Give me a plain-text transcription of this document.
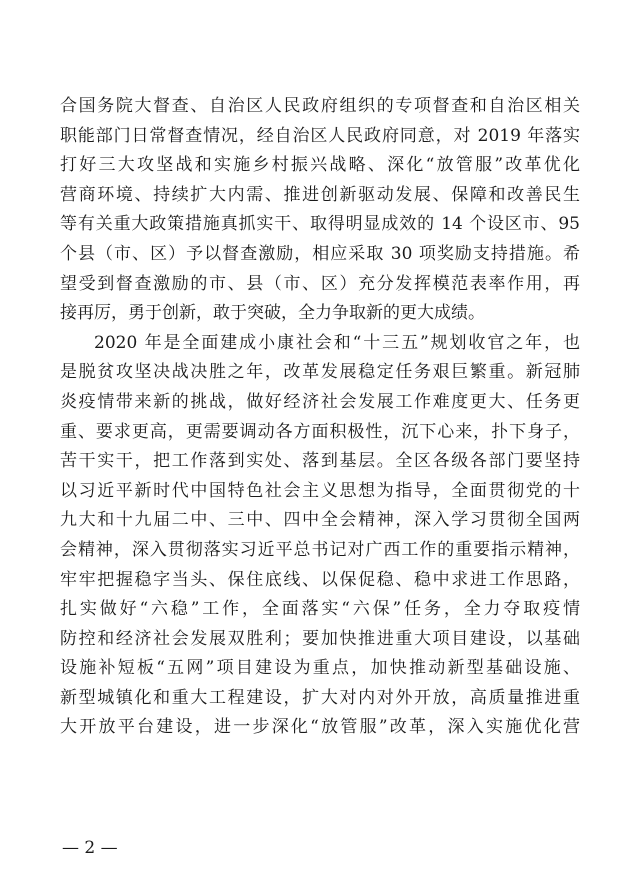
合国务院大督查、自治区人民政府组织的专项督查和自治区相关
职能部门日常督查情况，经自治区人民政府同意，对 2019 年落实
打好三大攻坚战和实施乡村振兴战略、深化“放管服”改革优化
营商环境、持续扩大内需、推进创新驱动发展、保障和改善民生
等有关重大政策措施真抓实干、取得明显成效的 14 个设区市、95
个县（市、区）予以督查激励，相应采取 30 项奖励支持措施。希
望受到督查激励的市、县（市、区）充分发挥模范表率作用，再
接再厉，勇于创新，敢于突破，全力争取新的更大成绩。
2020 年是全面建成小康社会和“十三五”规划收官之年，也
是脱贫攻坚决战决胜之年，改革发展稳定任务艰巨繁重。新冠肺
炎疫情带来新的挑战，做好经济社会发展工作难度更大、任务更
重、要求更高，更需要调动各方面积极性，沉下心来，扑下身子，
苦干实干，把工作落到实处、落到基层。全区各级各部门要坚持
以习近平新时代中国特色社会主义思想为指导，全面贯彻党的十
九大和十九届二中、三中、四中全会精神，深入学习贯彻全国两
会精神，深入贯彻落实习近平总书记对广西工作的重要指示精神，
牢牢把握稳字当头、保住底线、以保促稳、稳中求进工作思路，
扎实做好“六稳”工作，全面落实“六保”任务，全力夺取疫情
防控和经济社会发展双胜利；要加快推进重大项目建设，以基础
设施补短板“五网”项目建设为重点，加快推动新型基础设施、
新型城镇化和重大工程建设，扩大对内对外开放，高质量推进重
大开放平台建设，进一步深化“放管服”改革，深入实施优化营
— 2 —
